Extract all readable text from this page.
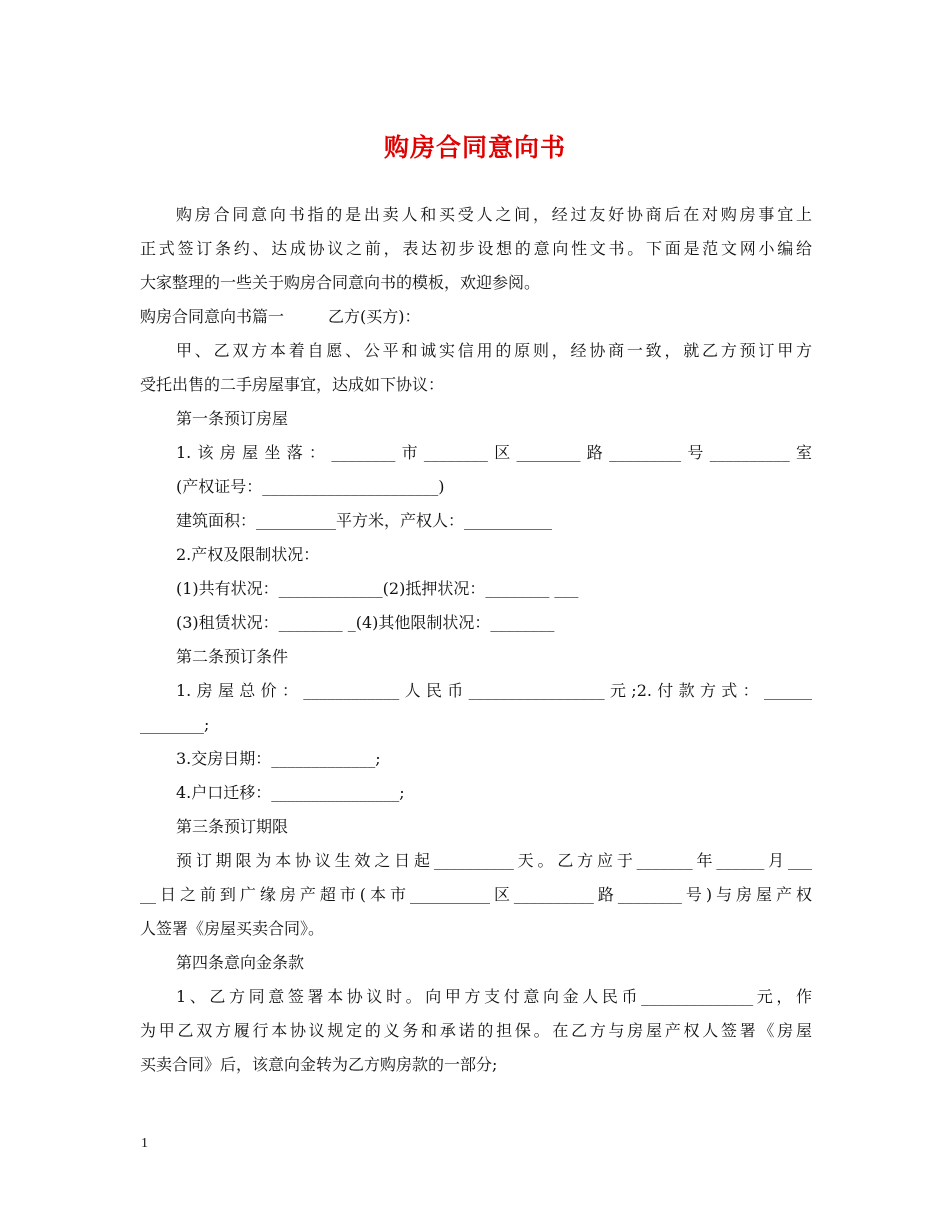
购房合同意向书

购房合同意向书指的是出卖人和买受人之间，经过友好协商后在对购房事宜上

正式签订条约、达成协议之前，表达初步设想的意向性文书。下面是范文网小编给

大家整理的一些关于购房合同意向书的模板，欢迎参阅。

购房合同意向书篇一	乙方(买方)：

甲、乙双方本着自愿、公平和诚实信用的原则，经协商一致，就乙方预订甲方

受托出售的二手房屋事宜，达成如下协议：

第一条预订房屋

1.该房屋坐落：________市________区________路_________号__________室

(产权证号：______________________)

建筑面积：__________平方米，产权人：___________

2.产权及限制状况：

(1)共有状况：_____________(2)抵押状况：________ ___

(3)租赁状况：________ _(4)其他限制状况：________

第二条预订条件

1.房屋总价：____________人民币_________________元;2.付款方式：______

________;

3.交房日期：_____________;

4.户口迁移：________________;

第三条预订期限

预订期限为本协议生效之日起__________天。乙方应于_______年______月___

__日之前到广缘房产超市(本市__________区__________路________号)与房屋产权

人签署《房屋买卖合同》。

第四条意向金条款

1、乙方同意签署本协议时。向甲方支付意向金人民币______________元，作

为甲乙双方履行本协议规定的义务和承诺的担保。在乙方与房屋产权人签署《房屋

买卖合同》后，该意向金转为乙方购房款的一部分;

1
